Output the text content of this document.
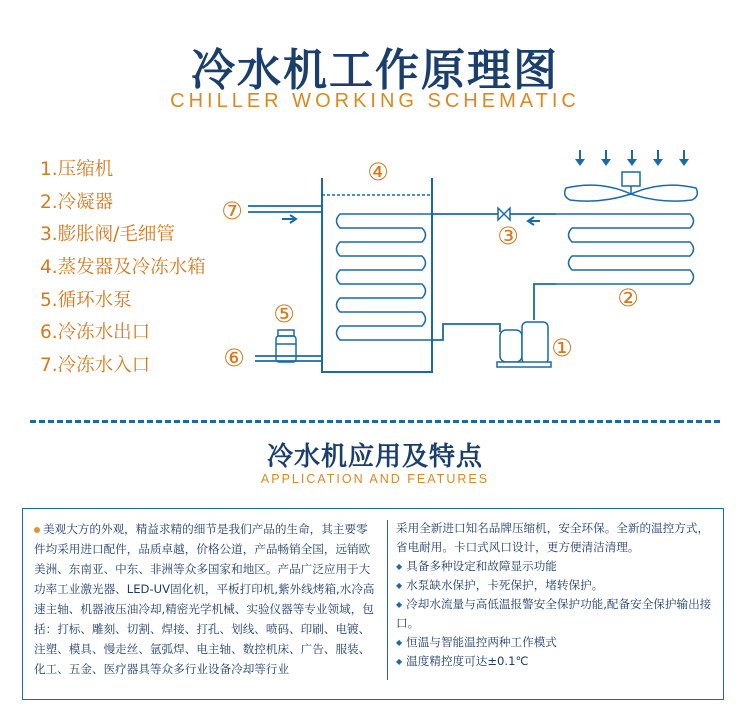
冷水机工作原理图
CHILLER WORKING SCHEMATIC
1.压缩机
2.冷凝器
3.膨胀阀/毛细管
4.蒸发器及冷冻水箱
5.循环水泵
6.冷冻水出口
7.冷冻水入口
④
⑦
③
②
⑤
①
⑥
冷水机应用及特点
APPLICATION AND FEATURES
美观大方的外观，精益求精的细节是我们产品的生命，其主要零件均采用进口配件，品质卓越，价格公道，产品畅销全国，远销欧美洲、东南亚、中东、非洲等众多国家和地区。产品广泛应用于大功率工业激光器、LED-UV固化机，平板打印机,紫外线烤箱,水冷高速主轴、机器液压油冷却,精密光学机械、实验仪器等专业领域，包括：打标、雕刻、切割、焊接、打孔、划线、喷码、印刷、电镀、注塑、模具、慢走丝、氩弧焊、电主轴、数控机床、广告、服装、化工、五金、医疗器具等众多行业设备冷却等行业
采用全新进口知名品牌压缩机，安全环保。全新的温控方式，省电耐用。卡口式风口设计，更方便清洁清理。
◆ 具备多种设定和故障显示功能
◆ 水泵缺水保护，卡死保护，堵转保护。
◆ 冷却水流量与高低温报警安全保护功能,配备安全保护输出接口。
◆ 恒温与智能温控两种工作模式
◆ 温度精控度可达±0.1℃
